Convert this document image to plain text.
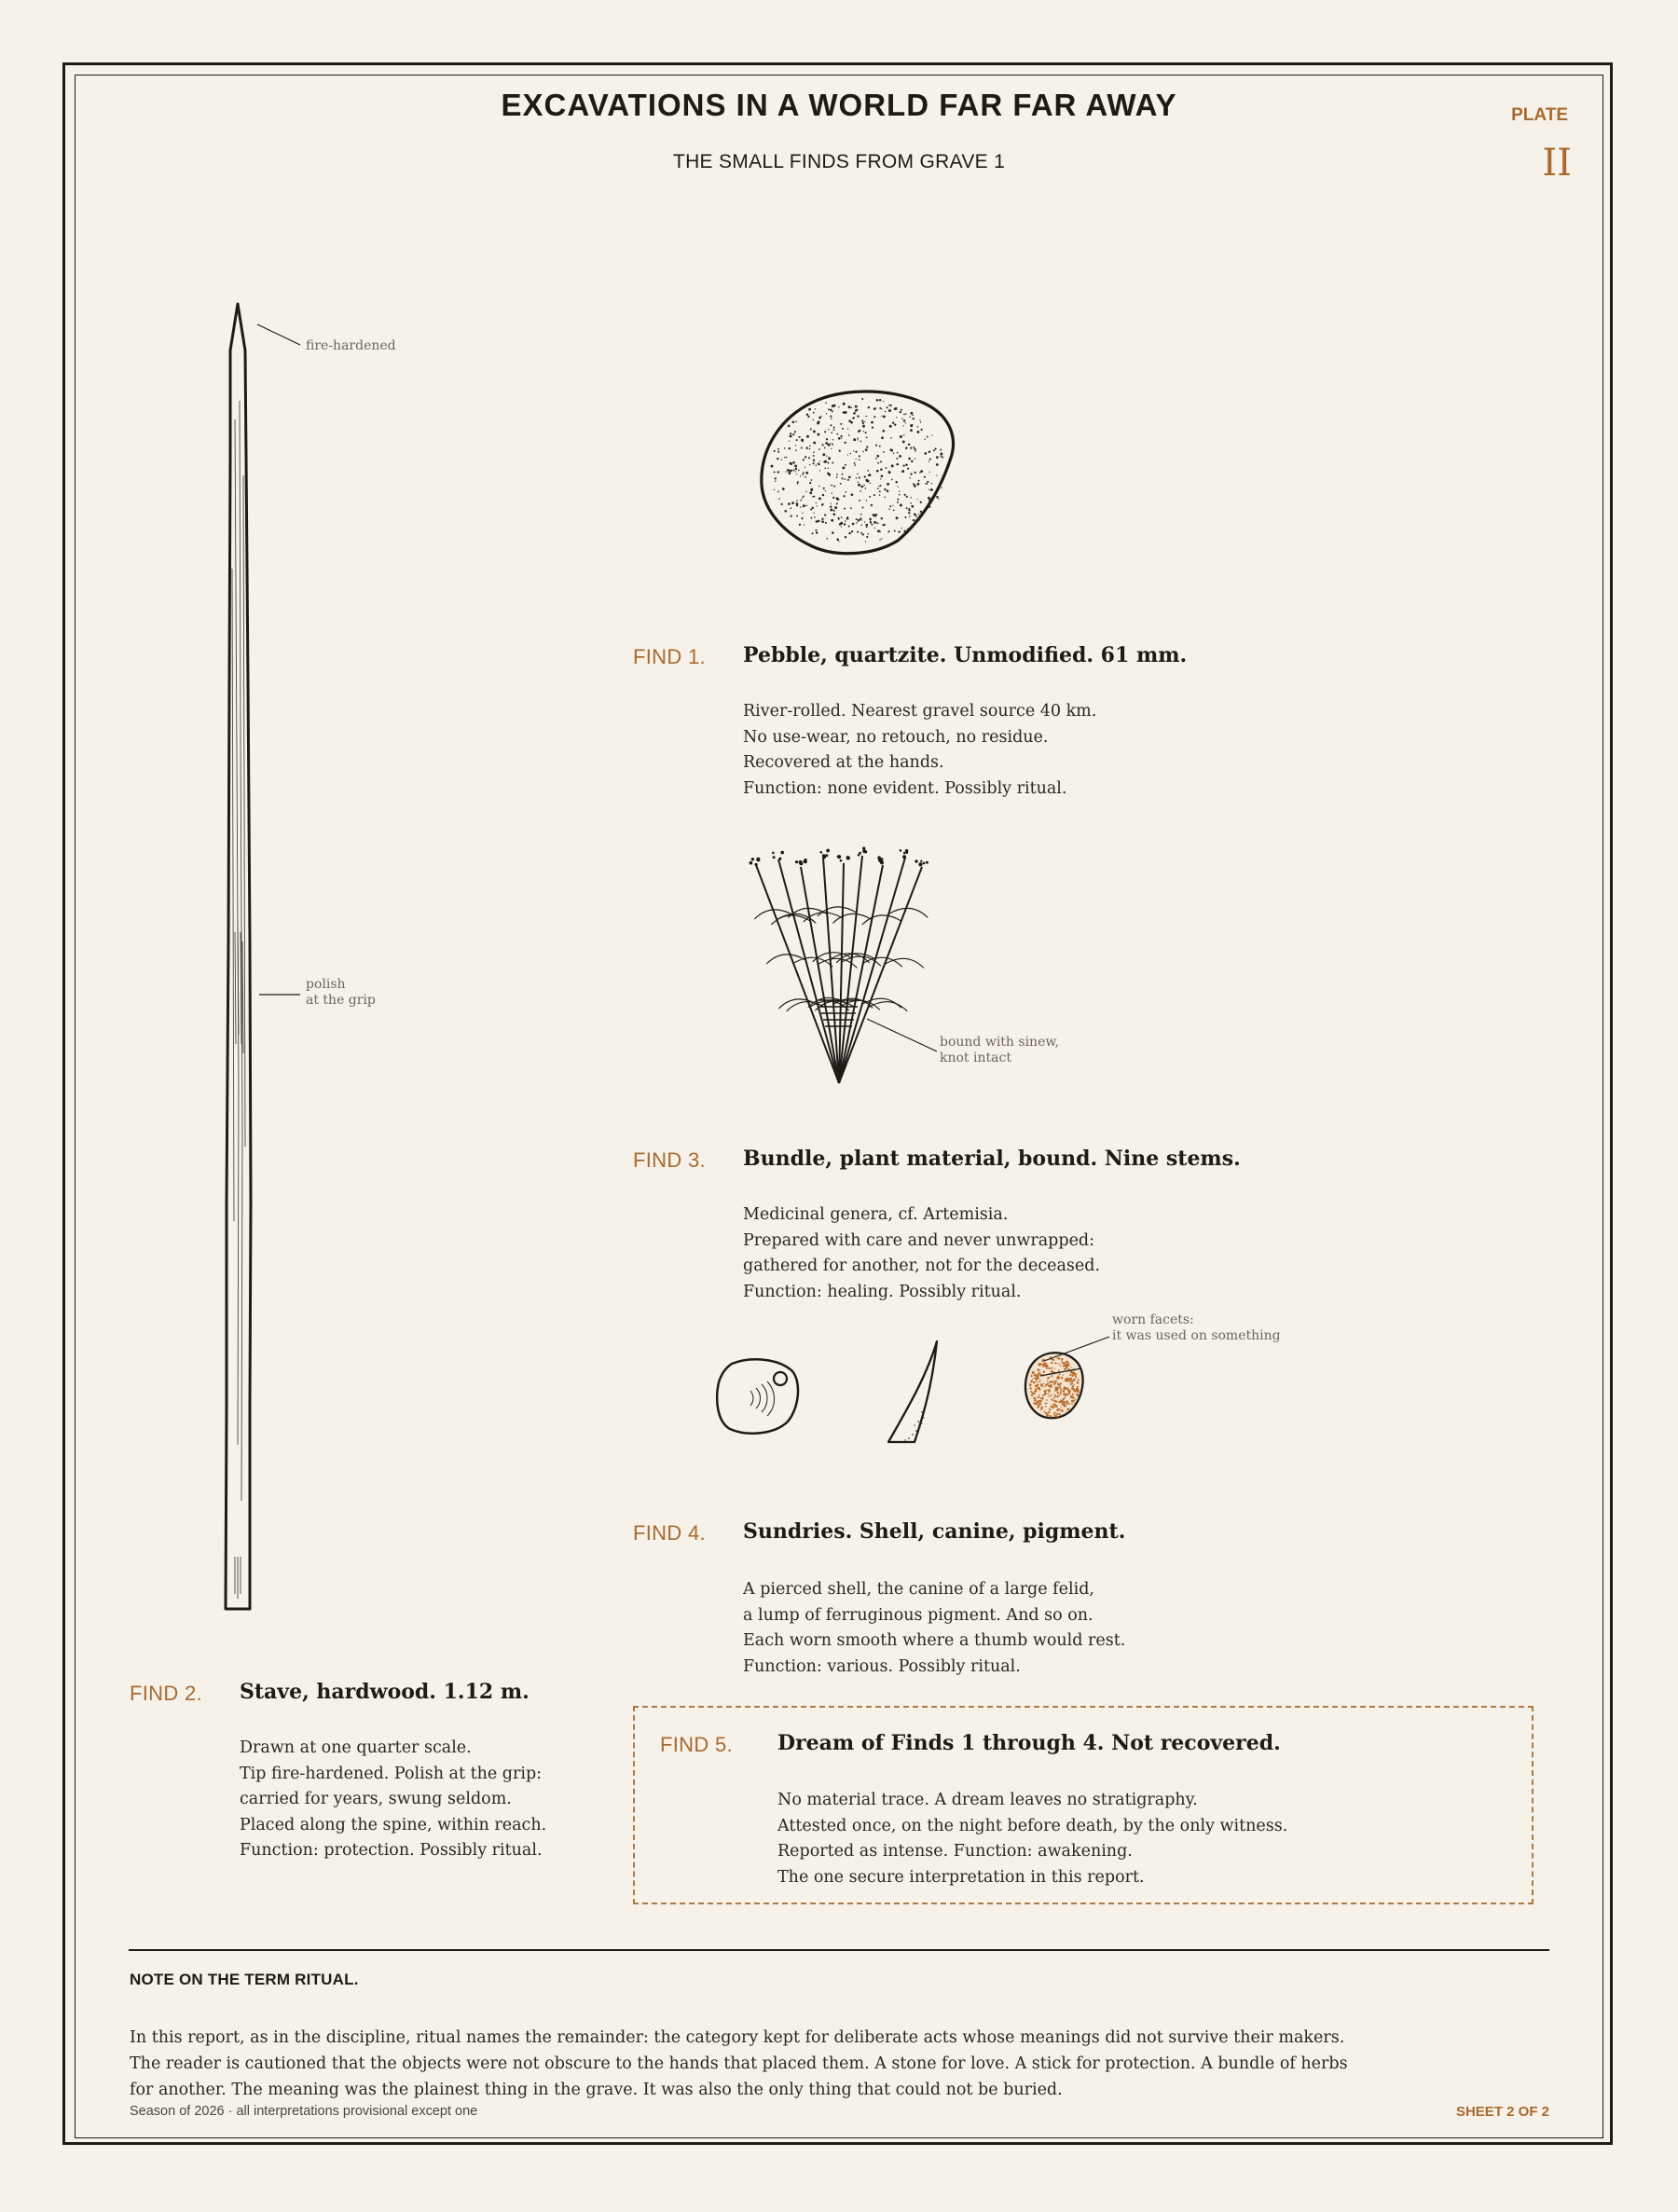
EXCAVATIONS IN A WORLD FAR FAR AWAY
THE SMALL FINDS FROM GRAVE 1
PLATE
II
fire-hardened
polish
at the grip
bound with sinew,
knot intact
worn facets:
it was used on something
FIND 1. Pebble, quartzite. Unmodified. 61 mm.
River-rolled. Nearest gravel source 40 km.
No use-wear, no retouch, no residue.
Recovered at the hands.
Function: none evident. Possibly ritual.
FIND 3. Bundle, plant material, bound. Nine stems.
Medicinal genera, cf. Artemisia.
Prepared with care and never unwrapped:
gathered for another, not for the deceased.
Function: healing. Possibly ritual.
FIND 4. Sundries. Shell, canine, pigment.
A pierced shell, the canine of a large felid,
a lump of ferruginous pigment. And so on.
Each worn smooth where a thumb would rest.
Function: various. Possibly ritual.
FIND 2. Stave, hardwood. 1.12 m.
Drawn at one quarter scale.
Tip fire-hardened. Polish at the grip:
carried for years, swung seldom.
Placed along the spine, within reach.
Function: protection. Possibly ritual.
FIND 5. Dream of Finds 1 through 4. Not recovered.
No material trace. A dream leaves no stratigraphy.
Attested once, on the night before death, by the only witness.
Reported as intense. Function: awakening.
The one secure interpretation in this report.
NOTE ON THE TERM RITUAL.
In this report, as in the discipline, ritual names the remainder: the category kept for deliberate acts whose meanings did not survive their makers.
The reader is cautioned that the objects were not obscure to the hands that placed them. A stone for love. A stick for protection. A bundle of herbs
for another. The meaning was the plainest thing in the grave. It was also the only thing that could not be buried.
Season of 2026 · all interpretations provisional except one	SHEET 2 OF 2
